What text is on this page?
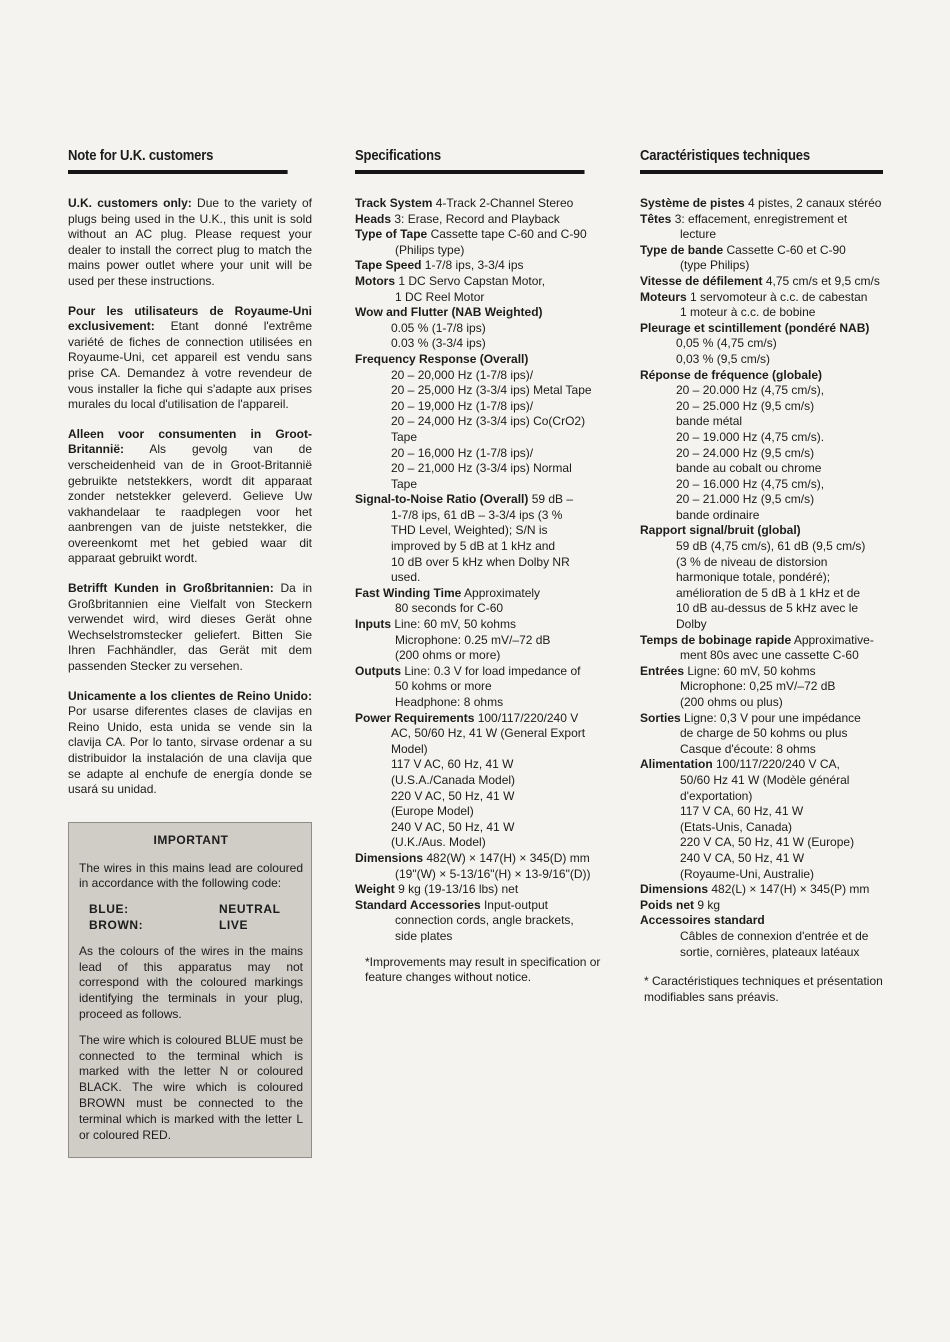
Note for U.K. customers

U.K. customers only: Due to the variety of plugs being used in the U.K., this unit is sold without an AC plug. Please request your dealer to install the correct plug to match the mains power outlet where your unit will be used per these instructions.

Pour les utilisateurs de Royaume-Uni exclusivement: Etant donné l'extrême variété de fiches de connection utilisées en Royaume-Uni, cet appareil est vendu sans prise CA. Demandez à votre revendeur de vous installer la fiche qui s'adapte aux prises murales du local d'utilisation de l'appareil.

Alleen voor consumenten in Groot-Britannië: Als gevolg van de verscheidenheid van de in Groot-Britannië gebruikte netstekkers, wordt dit apparaat zonder netstekker geleverd. Gelieve Uw vakhandelaar te raadplegen voor het aanbrengen van de juiste netstekker, die overeenkomt met het gebied waar dit apparaat gebruikt wordt.

Betrifft Kunden in Großbritannien: Da in Großbritannien eine Vielfalt von Steckern verwendet wird, wird dieses Gerät ohne Wechselstromstecker geliefert. Bitten Sie Ihren Fachhändler, das Gerät mit dem passenden Stecker zu versehen.

Unicamente a los clientes de Reino Unido: Por usarse diferentes clases de clavijas en Reino Unido, esta unida se vende sin la clavija CA. Por lo tanto, sirvase ordenar a su distribuidor la instalación de una clavija que se adapte al enchufe de energía donde se usará su unidad.

IMPORTANT

The wires in this mains lead are coloured in accordance with the following code:

BLUE:	NEUTRAL
BROWN:	LIVE

As the colours of the wires in the mains lead of this apparatus may not correspond with the coloured markings identifying the terminals in your plug, proceed as follows.

The wire which is coloured BLUE must be connected to the terminal which is marked with the letter N or coloured BLACK. The wire which is coloured BROWN must be connected to the terminal which is marked with the letter L or coloured RED.

Specifications
Track System 4-Track 2-Channel Stereo
Heads 3: Erase, Record and Playback
Type of Tape Cassette tape C-60 and C-90
(Philips type)
Tape Speed 1-7/8 ips, 3-3/4 ips
Motors 1 DC Servo Capstan Motor,
1 DC Reel Motor
Wow and Flutter (NAB Weighted)
0.05 % (1-7/8 ips)
0.03 % (3-3/4 ips)
Frequency Response (Overall)
20 – 20,000 Hz (1-7/8 ips)/
20 – 25,000 Hz (3-3/4 ips) Metal Tape
20 – 19,000 Hz (1-7/8 ips)/
20 – 24,000 Hz (3-3/4 ips) Co(CrO2)
Tape
20 – 16,000 Hz (1-7/8 ips)/
20 – 21,000 Hz (3-3/4 ips) Normal
Tape
Signal-to-Noise Ratio (Overall) 59 dB –
1-7/8 ips, 61 dB – 3-3/4 ips (3 %
THD Level, Weighted); S/N is
improved by 5 dB at 1 kHz and
10 dB over 5 kHz when Dolby NR
used.
Fast Winding Time Approximately
80 seconds for C-60
Inputs Line: 60 mV, 50 kohms
Microphone: 0.25 mV/–72 dB
(200 ohms or more)
Outputs Line: 0.3 V for load impedance of
50 kohms or more
Headphone: 8 ohms
Power Requirements 100/117/220/240 V
AC, 50/60 Hz, 41 W (General Export
Model)
117 V AC, 60 Hz, 41 W
(U.S.A./Canada Model)
220 V AC, 50 Hz, 41 W
(Europe Model)
240 V AC, 50 Hz, 41 W
(U.K./Aus. Model)
Dimensions 482(W) × 147(H) × 345(D) mm
(19"(W) × 5-13/16"(H) × 13-9/16"(D))
Weight 9 kg (19-13/16 lbs) net
Standard Accessories Input-output
connection cords, angle brackets,
side plates
*Improvements may result in specification or feature changes without notice.
Caractéristiques techniques
Système de pistes 4 pistes, 2 canaux stéréo
Têtes 3: effacement, enregistrement et
lecture
Type de bande Cassette C-60 et C-90
(type Philips)
Vitesse de défilement 4,75 cm/s et 9,5 cm/s
Moteurs 1 servomoteur à c.c. de cabestan
1 moteur à c.c. de bobine
Pleurage et scintillement (pondéré NAB)
0,05 % (4,75 cm/s)
0,03 % (9,5 cm/s)
Réponse de fréquence (globale)
20 – 20.000 Hz (4,75 cm/s),
20 – 25.000 Hz (9,5 cm/s)
bande métal
20 – 19.000 Hz (4,75 cm/s).
20 – 24.000 Hz (9,5 cm/s)
bande au cobalt ou chrome
20 – 16.000 Hz (4,75 cm/s),
20 – 21.000 Hz (9,5 cm/s)
bande ordinaire
Rapport signal/bruit (global)
59 dB (4,75 cm/s), 61 dB (9,5 cm/s)
(3 % de niveau de distorsion
harmonique totale, pondéré);
amélioration de 5 dB à 1 kHz et de
10 dB au-dessus de 5 kHz avec le
Dolby
Temps de bobinage rapide Approximative-
ment 80s avec une cassette C-60
Entrées Ligne: 60 mV, 50 kohms
Microphone: 0,25 mV/–72 dB
(200 ohms ou plus)
Sorties Ligne: 0,3 V pour une impédance
de charge de 50 kohms ou plus
Casque d'écoute: 8 ohms
Alimentation 100/117/220/240 V CA,
50/60 Hz 41 W (Modèle général
d'exportation)
117 V CA, 60 Hz, 41 W
(Etats-Unis, Canada)
220 V CA, 50 Hz, 41 W (Europe)
240 V CA, 50 Hz, 41 W
(Royaume-Uni, Australie)
Dimensions 482(L) × 147(H) × 345(P) mm
Poids net 9 kg
Accessoires standard
Câbles de connexion d'entrée et de
sortie, cornières, plateaux latéaux
* Caractéristiques techniques et présentation modifiables sans préavis.
